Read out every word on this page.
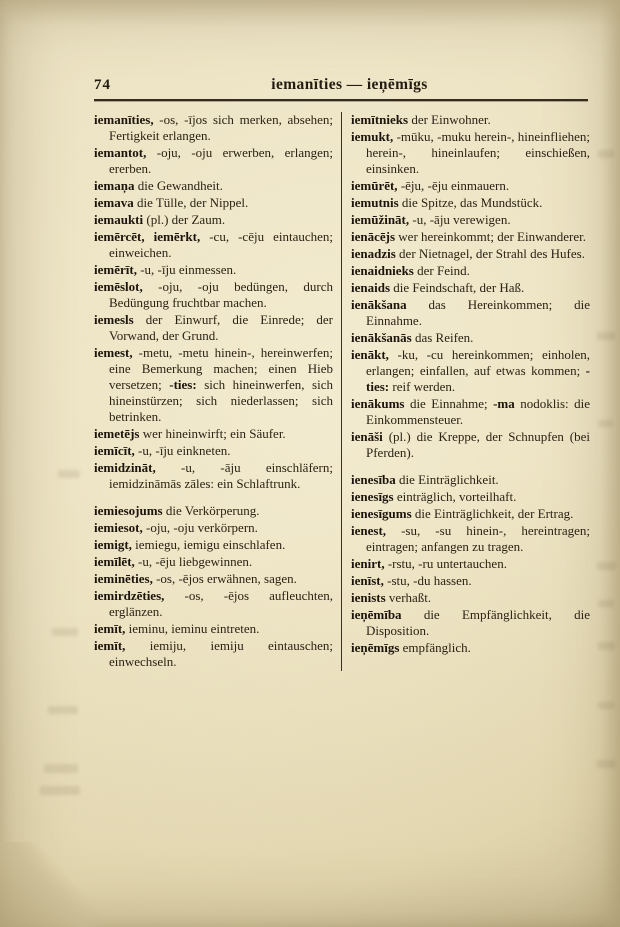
74	iemanīties — ieņēmīgs

iemanīties, -os, -ījos sich merken, absehen; Fertigkeit erlangen.

iemantot, -oju, -oju erwerben, erlangen; ererben.

iemaņa die Gewandheit.

iemava die Tülle, der Nippel.

iemaukti (pl.) der Zaum.

iemērcēt, iemērkt, -cu, -cēju eintauchen; einweichen.

iemērīt, -u, -īju einmessen.

iemēslot, -oju, -oju bedüngen, durch Bedüngung fruchtbar machen.

iemesls der Einwurf, die Einrede; der Vorwand, der Grund.

iemest, -metu, -metu hinein-, hereinwerfen; eine Bemerkung machen; einen Hieb versetzen; -ties: sich hineinwerfen, sich hineinstürzen; sich niederlassen; sich betrinken.

iemetējs wer hineinwirft; ein Säufer.

iemīcīt, -u, -īju einkneten.

iemidzināt, -u, -āju einschläfern; iemidzināmās zāles: ein Schlaftrunk.

iemiesojums die Verkörperung.

iemiesot, -oju, -oju verkörpern.

iemigt, iemiegu, iemigu einschlafen.

iemīlēt, -u, -ēju liebgewinnen.

ieminēties, -os, -ējos erwähnen, sagen.

iemirdzēties, -os, -ējos aufleuchten, erglänzen.

iemīt, ieminu, ieminu eintreten.

iemīt, iemiju, iemiju eintauschen; einwechseln.

iemītnieks der Einwohner.

iemukt, -mūku, -muku herein-, hineinfliehen; herein-, hineinlaufen; einschießen, einsinken.

iemūrēt, -ēju, -ēju einmauern.

iemutnis die Spitze, das Mundstück.

iemūžināt, -u, -āju verewigen.

ienācējs wer hereinkommt; der Einwanderer.

ienadzis der Nietnagel, der Strahl des Hufes.

ienaidnieks der Feind.

ienaids die Feindschaft, der Haß.

ienākšana das Hereinkommen; die Einnahme.

ienākšanās das Reifen.

ienākt, -ku, -cu hereinkommen; einholen, erlangen; einfallen, auf etwas kommen; -ties: reif werden.

ienākums die Einnahme; -ma nodoklis: die Einkommensteuer.

ienāši (pl.) die Kreppe, der Schnupfen (bei Pferden).

ienesība die Einträglichkeit.

ienesīgs einträglich, vorteilhaft.

ienesīgums die Einträglichkeit, der Ertrag.

ienest, -su, -su hinein-, hereintragen; eintragen; anfangen zu tragen.

ienirt, -rstu, -ru untertauchen.

ienīst, -stu, -du hassen.

ienists verhaßt.

ieņēmība die Empfänglichkeit, die Disposition.

ieņēmīgs empfänglich.
